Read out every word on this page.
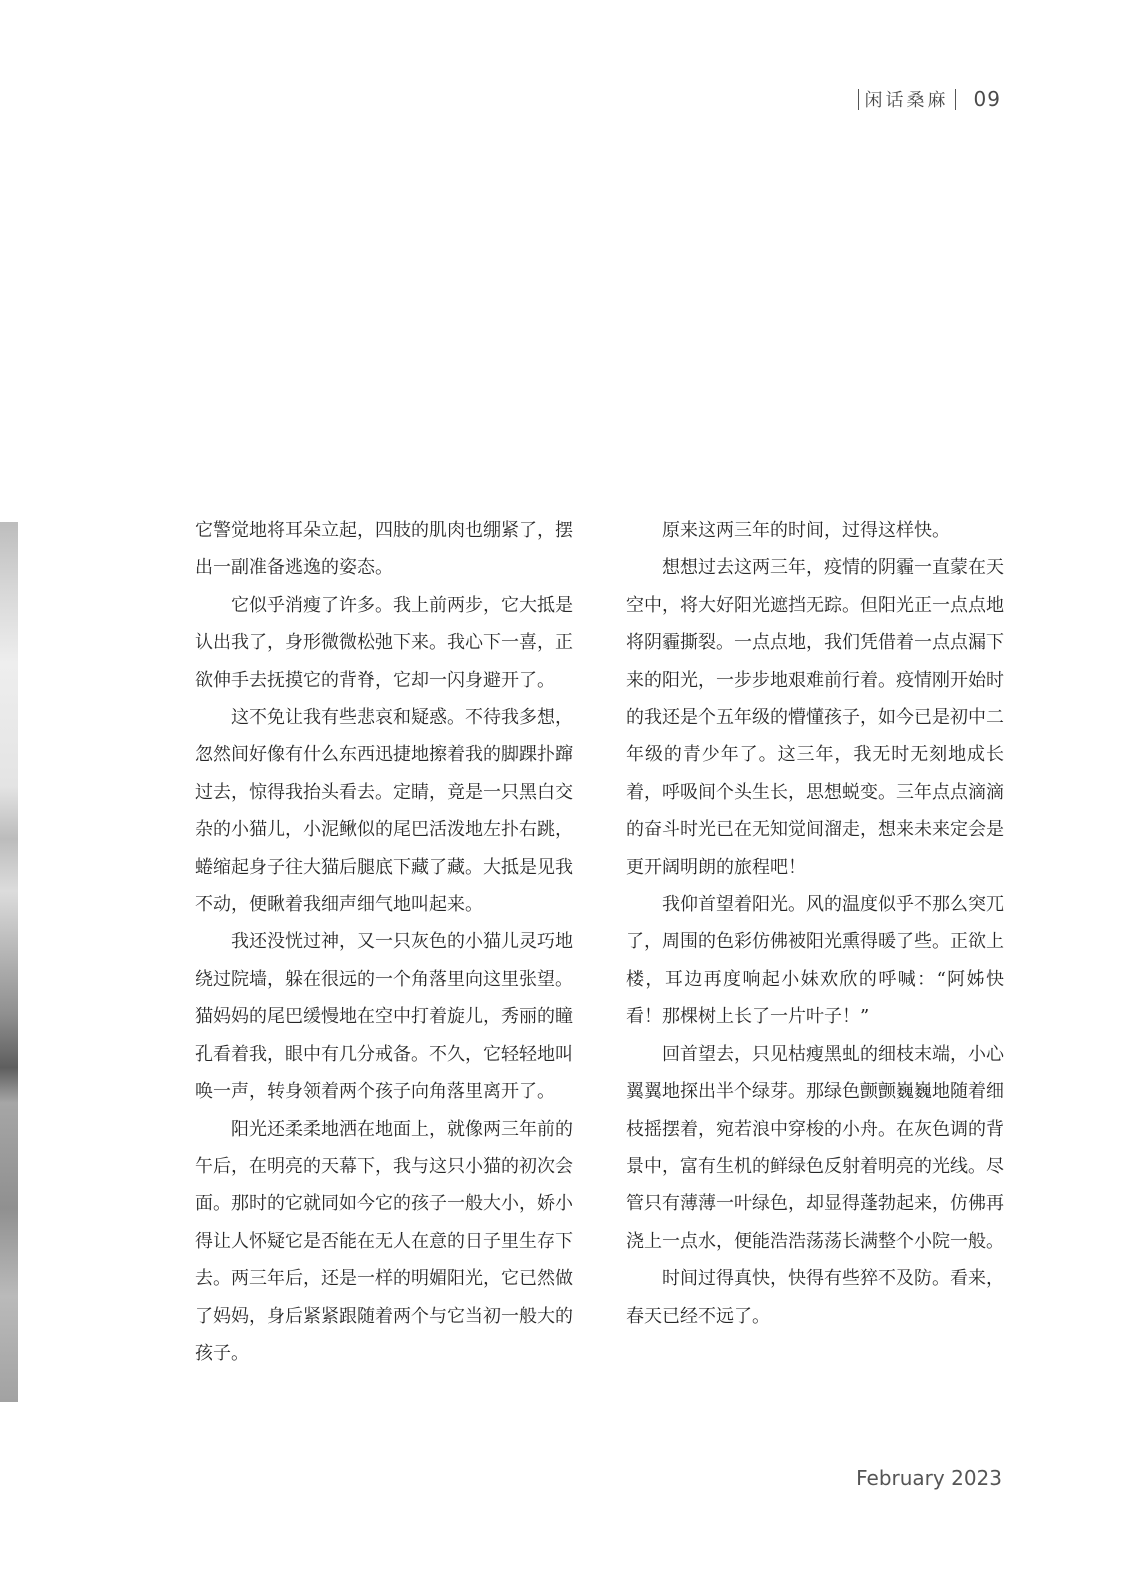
闲话桑麻 09

它警觉地将耳朵立起，四肢的肌肉也绷紧了，摆出一副准备逃逸的姿态。

它似乎消瘦了许多。我上前两步，它大抵是认出我了，身形微微松弛下来。我心下一喜，正欲伸手去抚摸它的背脊，它却一闪身避开了。

这不免让我有些悲哀和疑惑。不待我多想，忽然间好像有什么东西迅捷地擦着我的脚踝扑蹿过去，惊得我抬头看去。定睛，竟是一只黑白交杂的小猫儿，小泥鳅似的尾巴活泼地左扑右跳，蜷缩起身子往大猫后腿底下藏了藏。大抵是见我不动，便瞅着我细声细气地叫起来。

我还没恍过神，又一只灰色的小猫儿灵巧地绕过院墙，躲在很远的一个角落里向这里张望。猫妈妈的尾巴缓慢地在空中打着旋儿，秀丽的瞳孔看着我，眼中有几分戒备。不久，它轻轻地叫唤一声，转身领着两个孩子向角落里离开了。

阳光还柔柔地洒在地面上，就像两三年前的午后，在明亮的天幕下，我与这只小猫的初次会面。那时的它就同如今它的孩子一般大小，娇小得让人怀疑它是否能在无人在意的日子里生存下去。两三年后，还是一样的明媚阳光，它已然做了妈妈，身后紧紧跟随着两个与它当初一般大的孩子。

原来这两三年的时间，过得这样快。

想想过去这两三年，疫情的阴霾一直蒙在天空中，将大好阳光遮挡无踪。但阳光正一点点地将阴霾撕裂。一点点地，我们凭借着一点点漏下来的阳光，一步步地艰难前行着。疫情刚开始时的我还是个五年级的懵懂孩子，如今已是初中二年级的青少年了。这三年，我无时无刻地成长着，呼吸间个头生长，思想蜕变。三年点点滴滴的奋斗时光已在无知觉间溜走，想来未来定会是更开阔明朗的旅程吧！

我仰首望着阳光。风的温度似乎不那么突兀了，周围的色彩仿佛被阳光熏得暖了些。正欲上楼，耳边再度响起小妹欢欣的呼喊：“阿姊快看！那棵树上长了一片叶子！”

回首望去，只见枯瘦黑虬的细枝末端，小心翼翼地探出半个绿芽。那绿色颤颤巍巍地随着细枝摇摆着，宛若浪中穿梭的小舟。在灰色调的背景中，富有生机的鲜绿色反射着明亮的光线。尽管只有薄薄一叶绿色，却显得蓬勃起来，仿佛再浇上一点水，便能浩浩荡荡长满整个小院一般。

时间过得真快，快得有些猝不及防。看来，春天已经不远了。

February 2023
